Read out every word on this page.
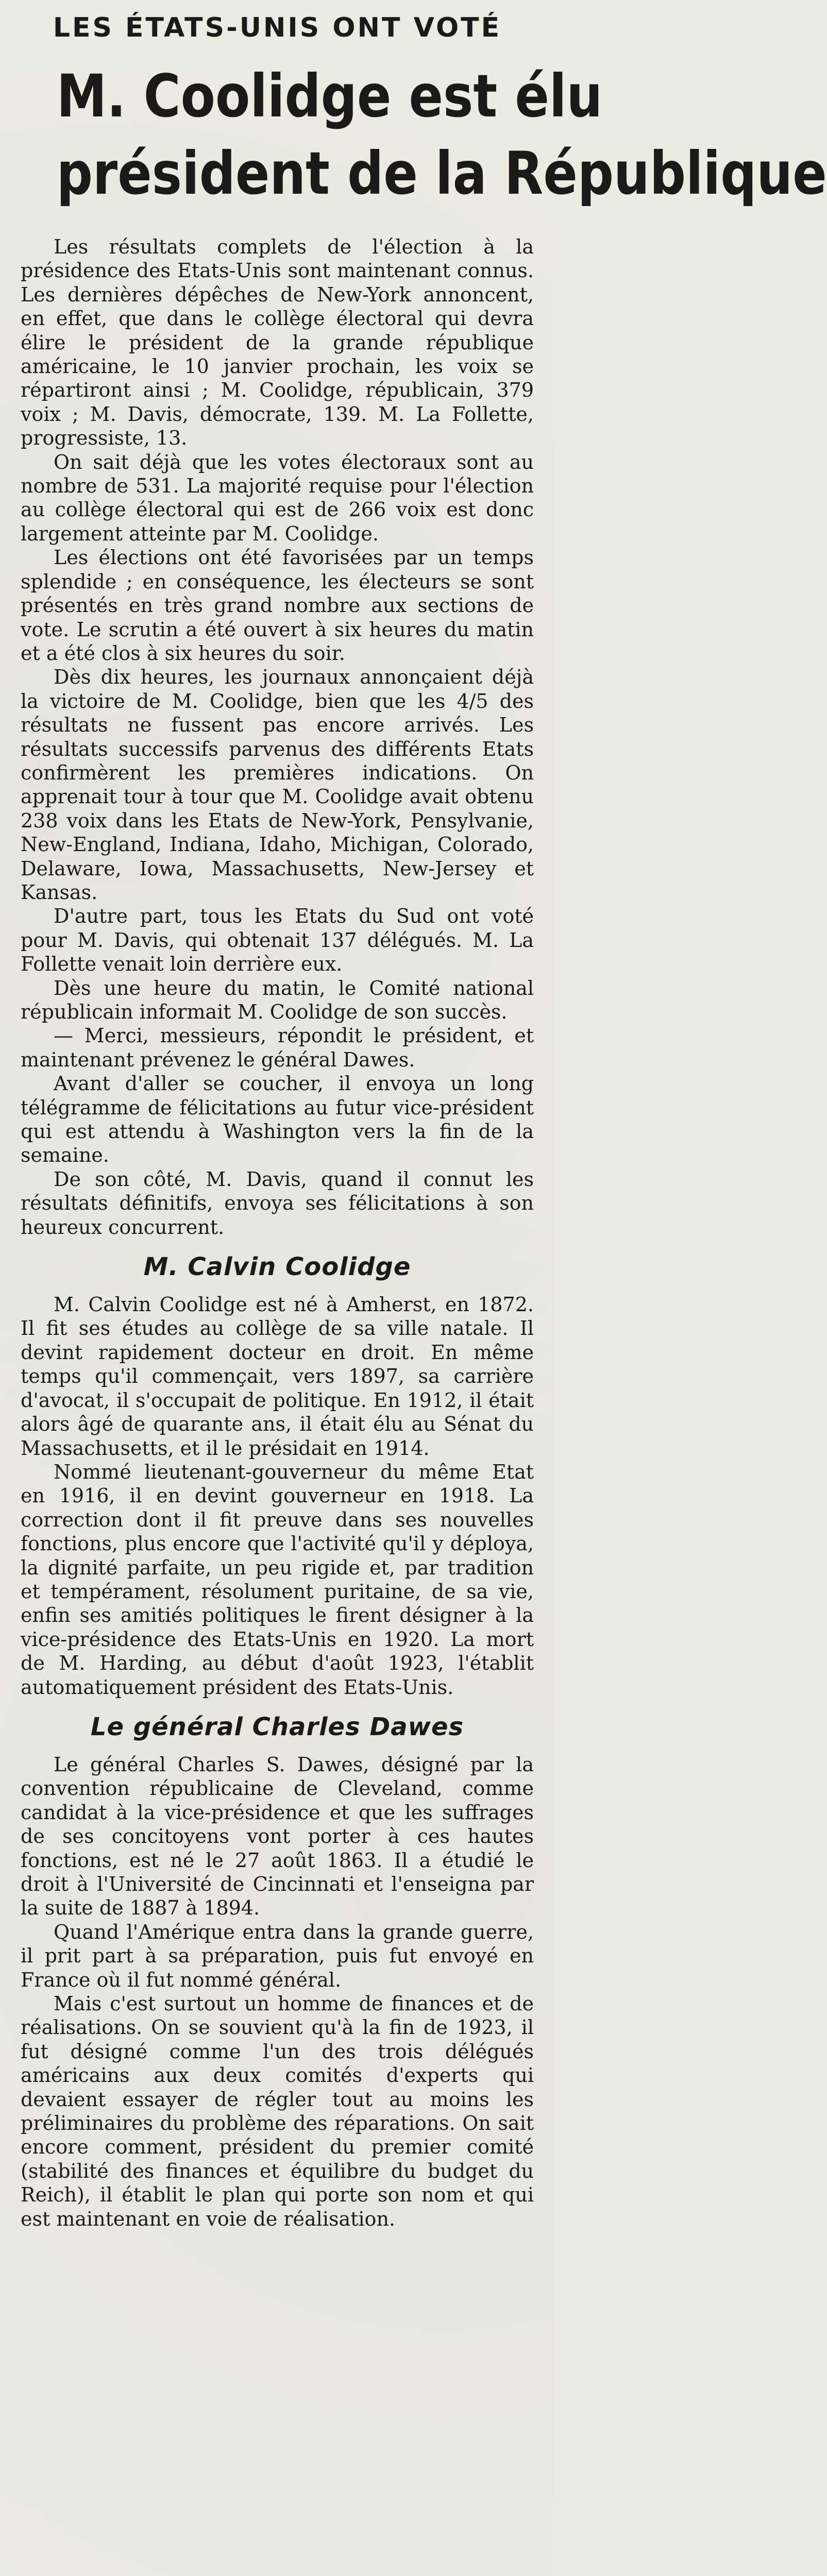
LES ÉTATS-UNIS ONT VOTÉ
M. Coolidge est élu
président de la République

Les résultats complets de l'élection à la présidence des Etats-Unis sont maintenant connus. Les dernières dépêches de New-York annoncent, en effet, que dans le collège électoral qui devra élire le président de la grande république américaine, le 10 janvier prochain, les voix se répartiront ainsi ; M. Coolidge, républicain, 379 voix ; M. Davis, démocrate, 139. M. La Follette, progressiste, 13.

On sait déjà que les votes électoraux sont au nombre de 531. La majorité requise pour l'élection au collège électoral qui est de 266 voix est donc largement atteinte par M. Coolidge.

Les élections ont été favorisées par un temps splendide ; en conséquence, les électeurs se sont présentés en très grand nombre aux sections de vote. Le scrutin a été ouvert à six heures du matin et a été clos à six heures du soir.

Dès dix heures, les journaux annonçaient déjà la victoire de M. Coolidge, bien que les 4/5 des résultats ne fussent pas encore arrivés. Les résultats successifs parvenus des différents Etats confirmèrent les premières indications. On apprenait tour à tour que M. Coolidge avait obtenu 238 voix dans les Etats de New-York, Pensylvanie, New-England, Indiana, Idaho, Michigan, Colorado, Delaware, Iowa, Massachusetts, New-Jersey et Kansas.

D'autre part, tous les Etats du Sud ont voté pour M. Davis, qui obtenait 137 délégués. M. La Follette venait loin derrière eux.

Dès une heure du matin, le Comité national républicain informait M. Coolidge de son succès.

— Merci, messieurs, répondit le président, et maintenant prévenez le général Dawes.

Avant d'aller se coucher, il envoya un long télégramme de félicitations au futur vice-président qui est attendu à Washington vers la fin de la semaine.

De son côté, M. Davis, quand il connut les résultats définitifs, envoya ses félicitations à son heureux concurrent.

M. Calvin Coolidge

M. Calvin Coolidge est né à Amherst, en 1872. Il fit ses études au collège de sa ville natale. Il devint rapidement docteur en droit. En même temps qu'il commençait, vers 1897, sa carrière d'avocat, il s'occupait de politique. En 1912, il était alors âgé de quarante ans, il était élu au Sénat du Massachusetts, et il le présidait en 1914.

Nommé lieutenant-gouverneur du même Etat en 1916, il en devint gouverneur en 1918. La correction dont il fit preuve dans ses nouvelles fonctions, plus encore que l'activité qu'il y déploya, la dignité parfaite, un peu rigide et, par tradition et tempérament, résolument puritaine, de sa vie, enfin ses amitiés politiques le firent désigner à la vice-présidence des Etats-Unis en 1920. La mort de M. Harding, au début d'août 1923, l'établit automatiquement président des Etats-Unis.

Le général Charles Dawes

Le général Charles S. Dawes, désigné par la convention républicaine de Cleveland, comme candidat à la vice-présidence et que les suffrages de ses concitoyens vont porter à ces hautes fonctions, est né le 27 août 1863. Il a étudié le droit à l'Université de Cincinnati et l'enseigna par la suite de 1887 à 1894.

Quand l'Amérique entra dans la grande guerre, il prit part à sa préparation, puis fut envoyé en France où il fut nommé général.

Mais c'est surtout un homme de finances et de réalisations. On se souvient qu'à la fin de 1923, il fut désigné comme l'un des trois délégués américains aux deux comités d'experts qui devaient essayer de régler tout au moins les préliminaires du problème des réparations. On sait encore comment, président du premier comité (stabilité des finances et équilibre du budget du Reich), il établit le plan qui porte son nom et qui est maintenant en voie de réalisation.
